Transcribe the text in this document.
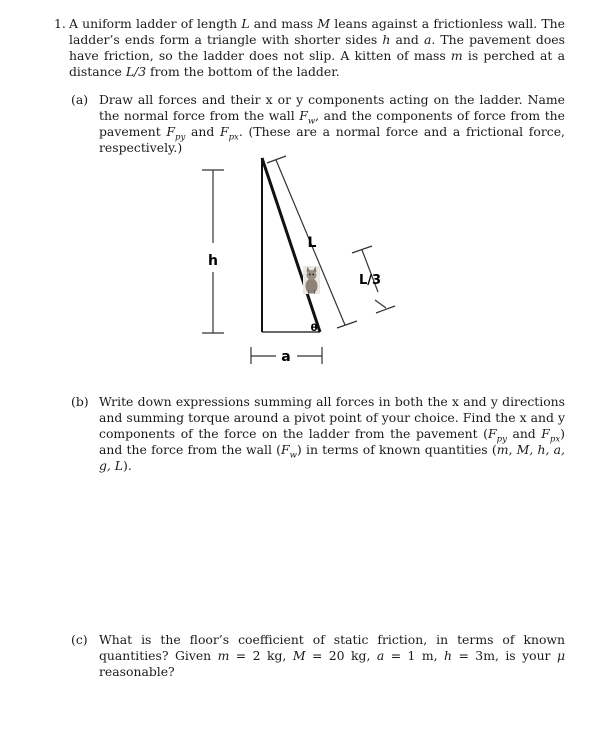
1. A uniform ladder of length L and mass M leans against a frictionless wall. The ladder’s ends form a triangle with shorter sides h and a. The pavement does have friction, so the ladder does not slip. A kitten of mass m is perched at a distance L/3 from the bottom of the ladder.
(a) Draw all forces and their x or y components acting on the ladder. Name the normal force from the wall $F_w$, and the components of force from the pavement $F_{py}$ and $F_{px}$. (These are a normal force and a frictional force, respectively.)
h
L
L/3
θ
a
(b) Write down expressions summing all forces in both the x and y directions and summing torque around a pivot point of your choice. Find the x and y components of the force on the ladder from the pavement ($F_{py}$ and $F_{px}$) and the force from the wall $(F_w)$ in terms of known quantities (m, M, h, a, g, L).
(c) What is the floor’s coefficient of static friction, in terms of known quantities? Given m = 2 kg, M = 20 kg, a = 1 m, h = 3m, is your μ reasonable?
